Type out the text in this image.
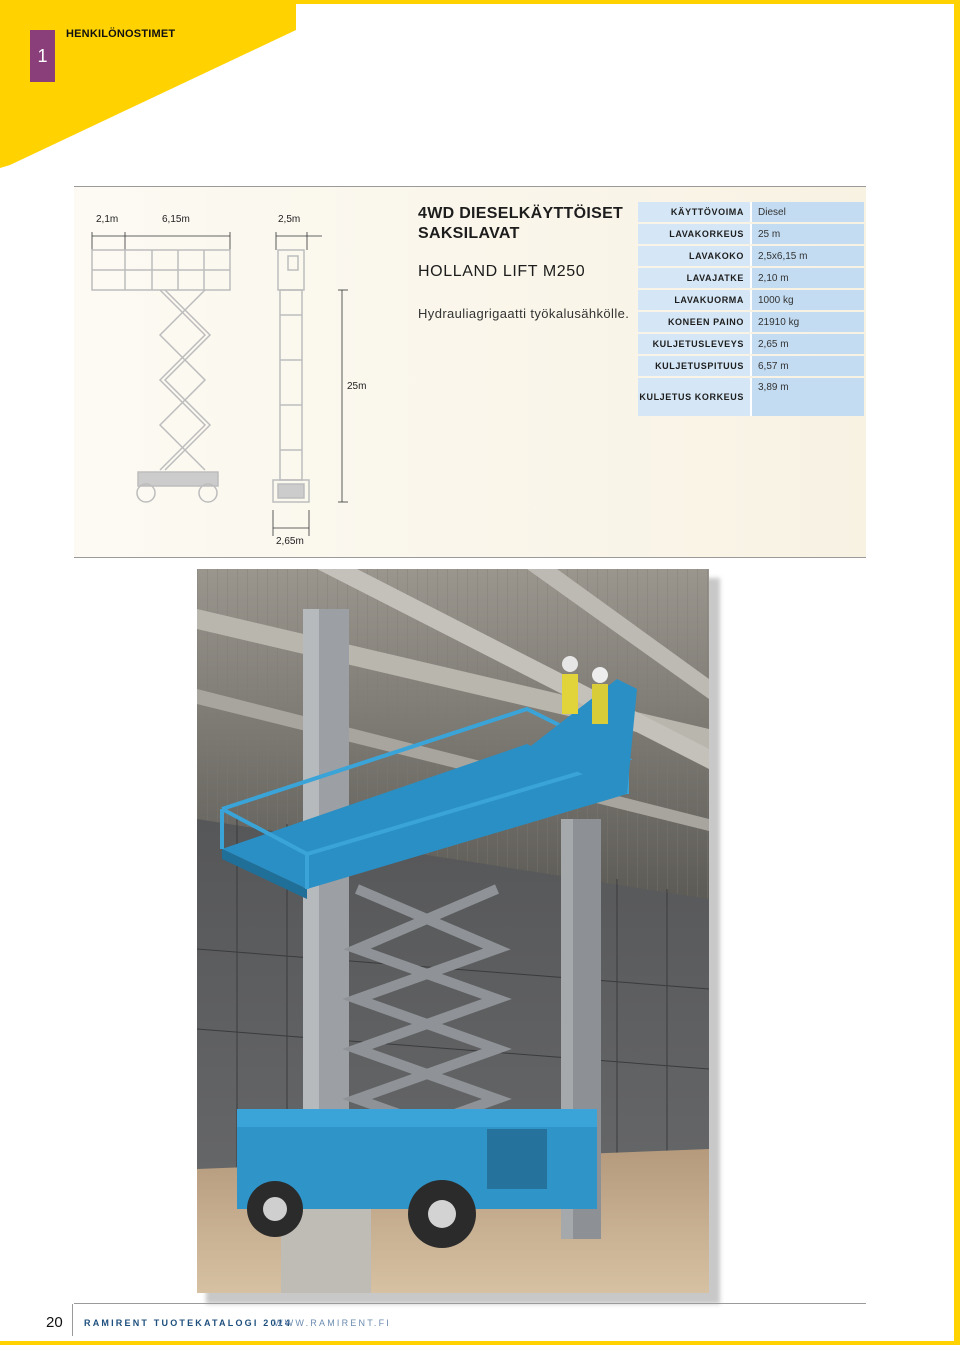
1
HENKILÖNOSTIMET
2,1m	6,15m	2,5m
25m
2,65m
4WD DIESELKÄYTTÖISET SAKSILAVAT
HOLLAND LIFT M250
Hydrauliagrigaatti työkalusähkölle.
KÄYTTÖVOIMA	Diesel
LAVAKORKEUS	25 m
LAVAKOKO	2,5x6,15 m
LAVAJATKE	2,10 m
LAVAKUORMA	1000 kg
KONEEN PAINO	21910 kg
KULJETUSLEVEYS	2,65 m
KULJETUSPITUUS	6,57 m
KULJETUS KORKEUS	3,89 m
20 RAMIRENT TUOTEKATALOGI 2014
WWW.RAMIRENT.FI
